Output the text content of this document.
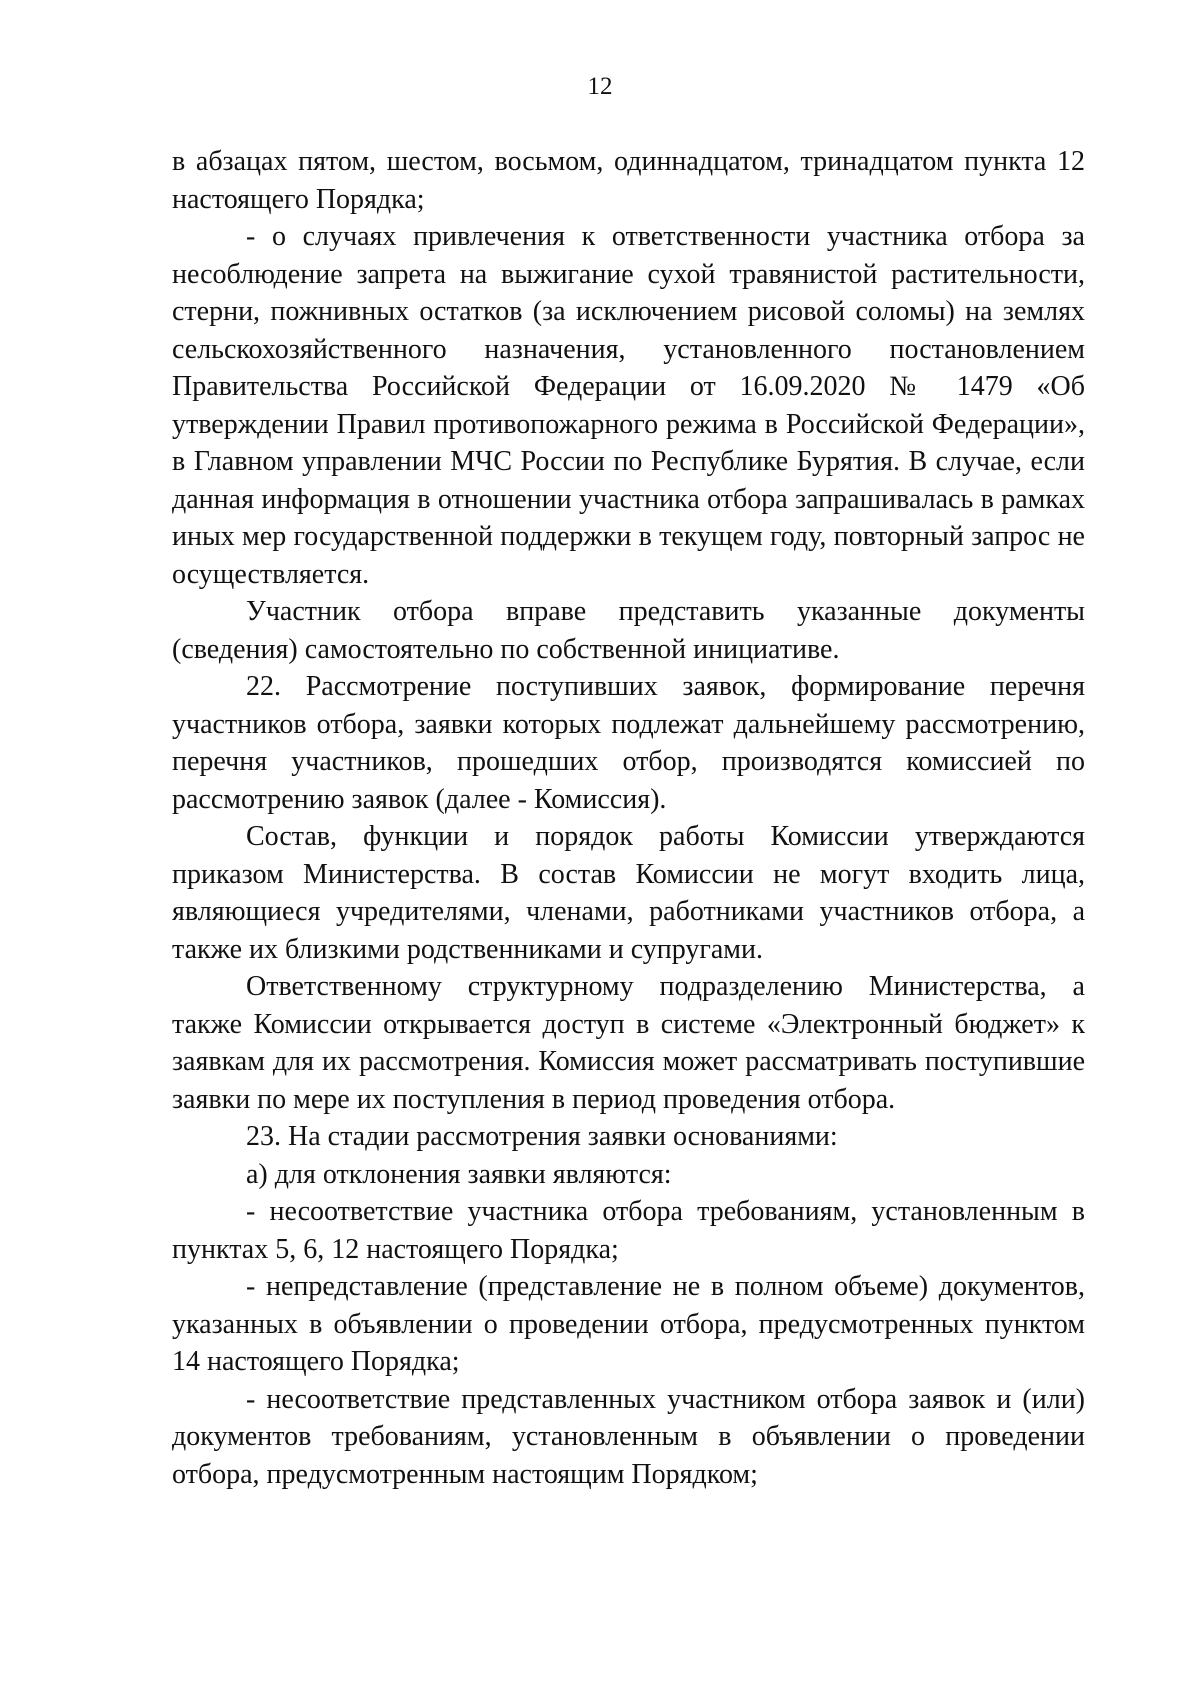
12

в абзацах пятом, шестом, восьмом, одиннадцатом, тринадцатом пункта 12 настоящего Порядка;

- о случаях привлечения к ответственности участника отбора за несоблюдение запрета на выжигание сухой травянистой растительности, стерни, пожнивных остатков (за исключением рисовой соломы) на землях сельскохозяйственного назначения, установленного постановлением Правительства Российской Федерации от 16.09.2020 № 1479 «Об утверждении Правил противопожарного режима в Российской Федерации», в Главном управлении МЧС России по Республике Бурятия. В случае, если данная информация в отношении участника отбора запрашивалась в рамках иных мер государственной поддержки в текущем году, повторный запрос не осуществляется.

Участник отбора вправе представить указанные документы (сведения) самостоятельно по собственной инициативе.

22. Рассмотрение поступивших заявок, формирование перечня участников отбора, заявки которых подлежат дальнейшему рассмотрению, перечня участников, прошедших отбор, производятся комиссией по рассмотрению заявок (далее - Комиссия).

Состав, функции и порядок работы Комиссии утверждаются приказом Министерства. В состав Комиссии не могут входить лица, являющиеся учредителями, членами, работниками участников отбора, а также их близкими родственниками и супругами.

Ответственному структурному подразделению Министерства, а также Комиссии открывается доступ в системе «Электронный бюджет» к заявкам для их рассмотрения. Комиссия может рассматривать поступившие заявки по мере их поступления в период проведения отбора.

23. На стадии рассмотрения заявки основаниями:

а) для отклонения заявки являются:

- несоответствие участника отбора требованиям, установленным в пунктах 5, 6, 12 настоящего Порядка;

- непредставление (представление не в полном объеме) документов, указанных в объявлении о проведении отбора, предусмотренных пунктом 14 настоящего Порядка;

- несоответствие представленных участником отбора заявок и (или) документов требованиям, установленным в объявлении о проведении отбора, предусмотренным настоящим Порядком;
